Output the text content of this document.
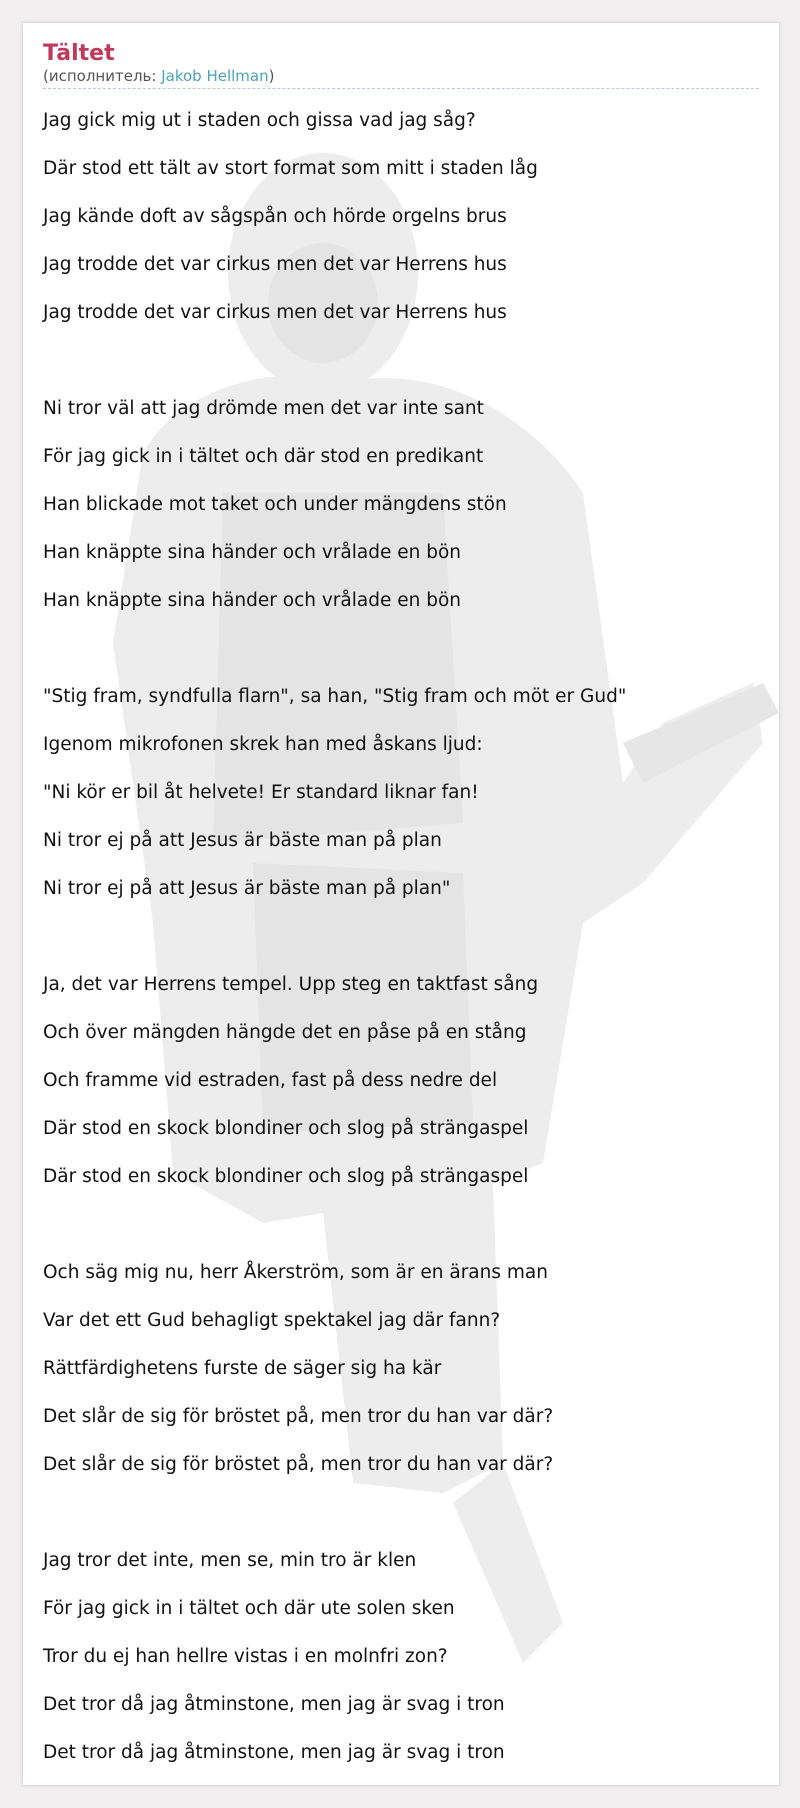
Tältet
(исполнитель: Jakob Hellman)
Jag gick mig ut i staden och gissa vad jag såg?
Där stod ett tält av stort format som mitt i staden låg
Jag kände doft av sågspån och hörde orgelns brus
Jag trodde det var cirkus men det var Herrens hus
Jag trodde det var cirkus men det var Herrens hus
Ni tror väl att jag drömde men det var inte sant
För jag gick in i tältet och där stod en predikant
Han blickade mot taket och under mängdens stön
Han knäppte sina händer och vrålade en bön
Han knäppte sina händer och vrålade en bön
"Stig fram, syndfulla flarn", sa han, "Stig fram och möt er Gud"
Igenom mikrofonen skrek han med åskans ljud:
"Ni kör er bil åt helvete! Er standard liknar fan!
Ni tror ej på att Jesus är bäste man på plan
Ni tror ej på att Jesus är bäste man på plan"
Ja, det var Herrens tempel. Upp steg en taktfast sång
Och över mängden hängde det en påse på en stång
Och framme vid estraden, fast på dess nedre del
Där stod en skock blondiner och slog på strängaspel
Där stod en skock blondiner och slog på strängaspel
Och säg mig nu, herr Åkerström, som är en ärans man
Var det ett Gud behagligt spektakel jag där fann?
Rättfärdighetens furste de säger sig ha kär
Det slår de sig för bröstet på, men tror du han var där?
Det slår de sig för bröstet på, men tror du han var där?
Jag tror det inte, men se, min tro är klen
För jag gick in i tältet och där ute solen sken
Tror du ej han hellre vistas i en molnfri zon?
Det tror då jag åtminstone, men jag är svag i tron
Det tror då jag åtminstone, men jag är svag i tron
